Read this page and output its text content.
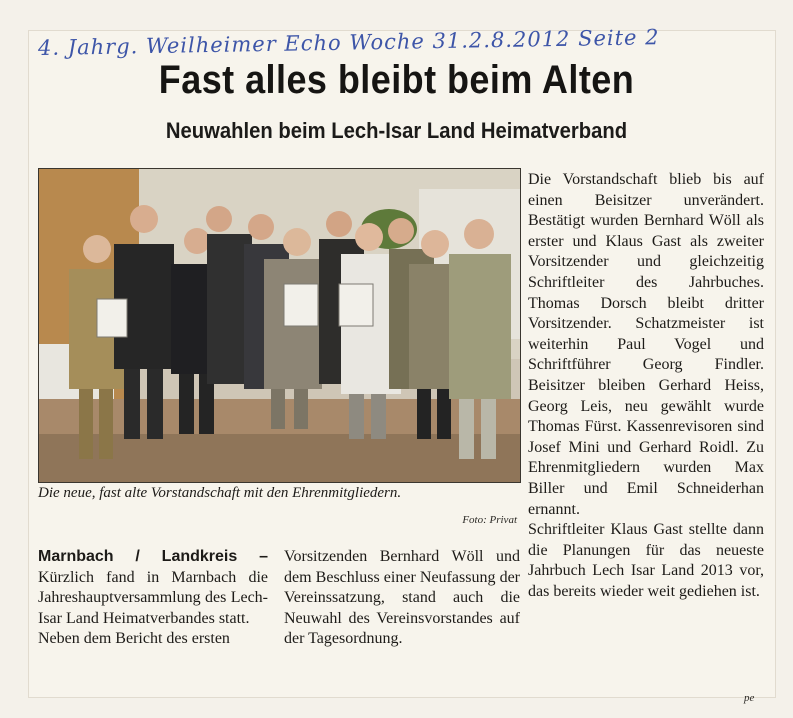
4. Jahrg. Weilheimer Echo Woche 31.2.8.2012 Seite 2
Fast alles bleibt beim Alten
Neuwahlen beim Lech-Isar Land Heimatverband
Die neue, fast alte Vorstandschaft mit den Ehrenmitgliedern.
Foto: Privat

Marnbach / Landkreis – Kürzlich fand in Marnbach die Jahreshauptversammlung des Lech-Isar Land Heimatverbandes statt.

Neben dem Bericht des ersten

Vorsitzenden Bernhard Wöll und dem Beschluss einer Neufassung der Vereinssatzung, stand auch die Neuwahl des Vereinsvorstandes auf der Tagesordnung.

Die Vorstandschaft blieb bis auf einen Beisitzer unverändert. Bestätigt wurden Bernhard Wöll als erster und Klaus Gast als zweiter Vorsitzender und gleichzeitig Schriftleiter des Jahrbuches. Thomas Dorsch bleibt dritter Vorsitzender. Schatzmeister ist weiterhin Paul Vogel und Schriftführer Georg Findler. Beisitzer bleiben Gerhard Heiss, Georg Leis, neu gewählt wurde Thomas Fürst. Kassenrevisoren sind Josef Mini und Gerhard Roidl. Zu Ehrenmitgliedern wurden Max Biller und Emil Schneiderhan ernannt.

Schriftleiter Klaus Gast stellte dann die Planungen für das neueste Jahrbuch Lech Isar Land 2013 vor, das bereits wieder weit gediehen ist.

pe
